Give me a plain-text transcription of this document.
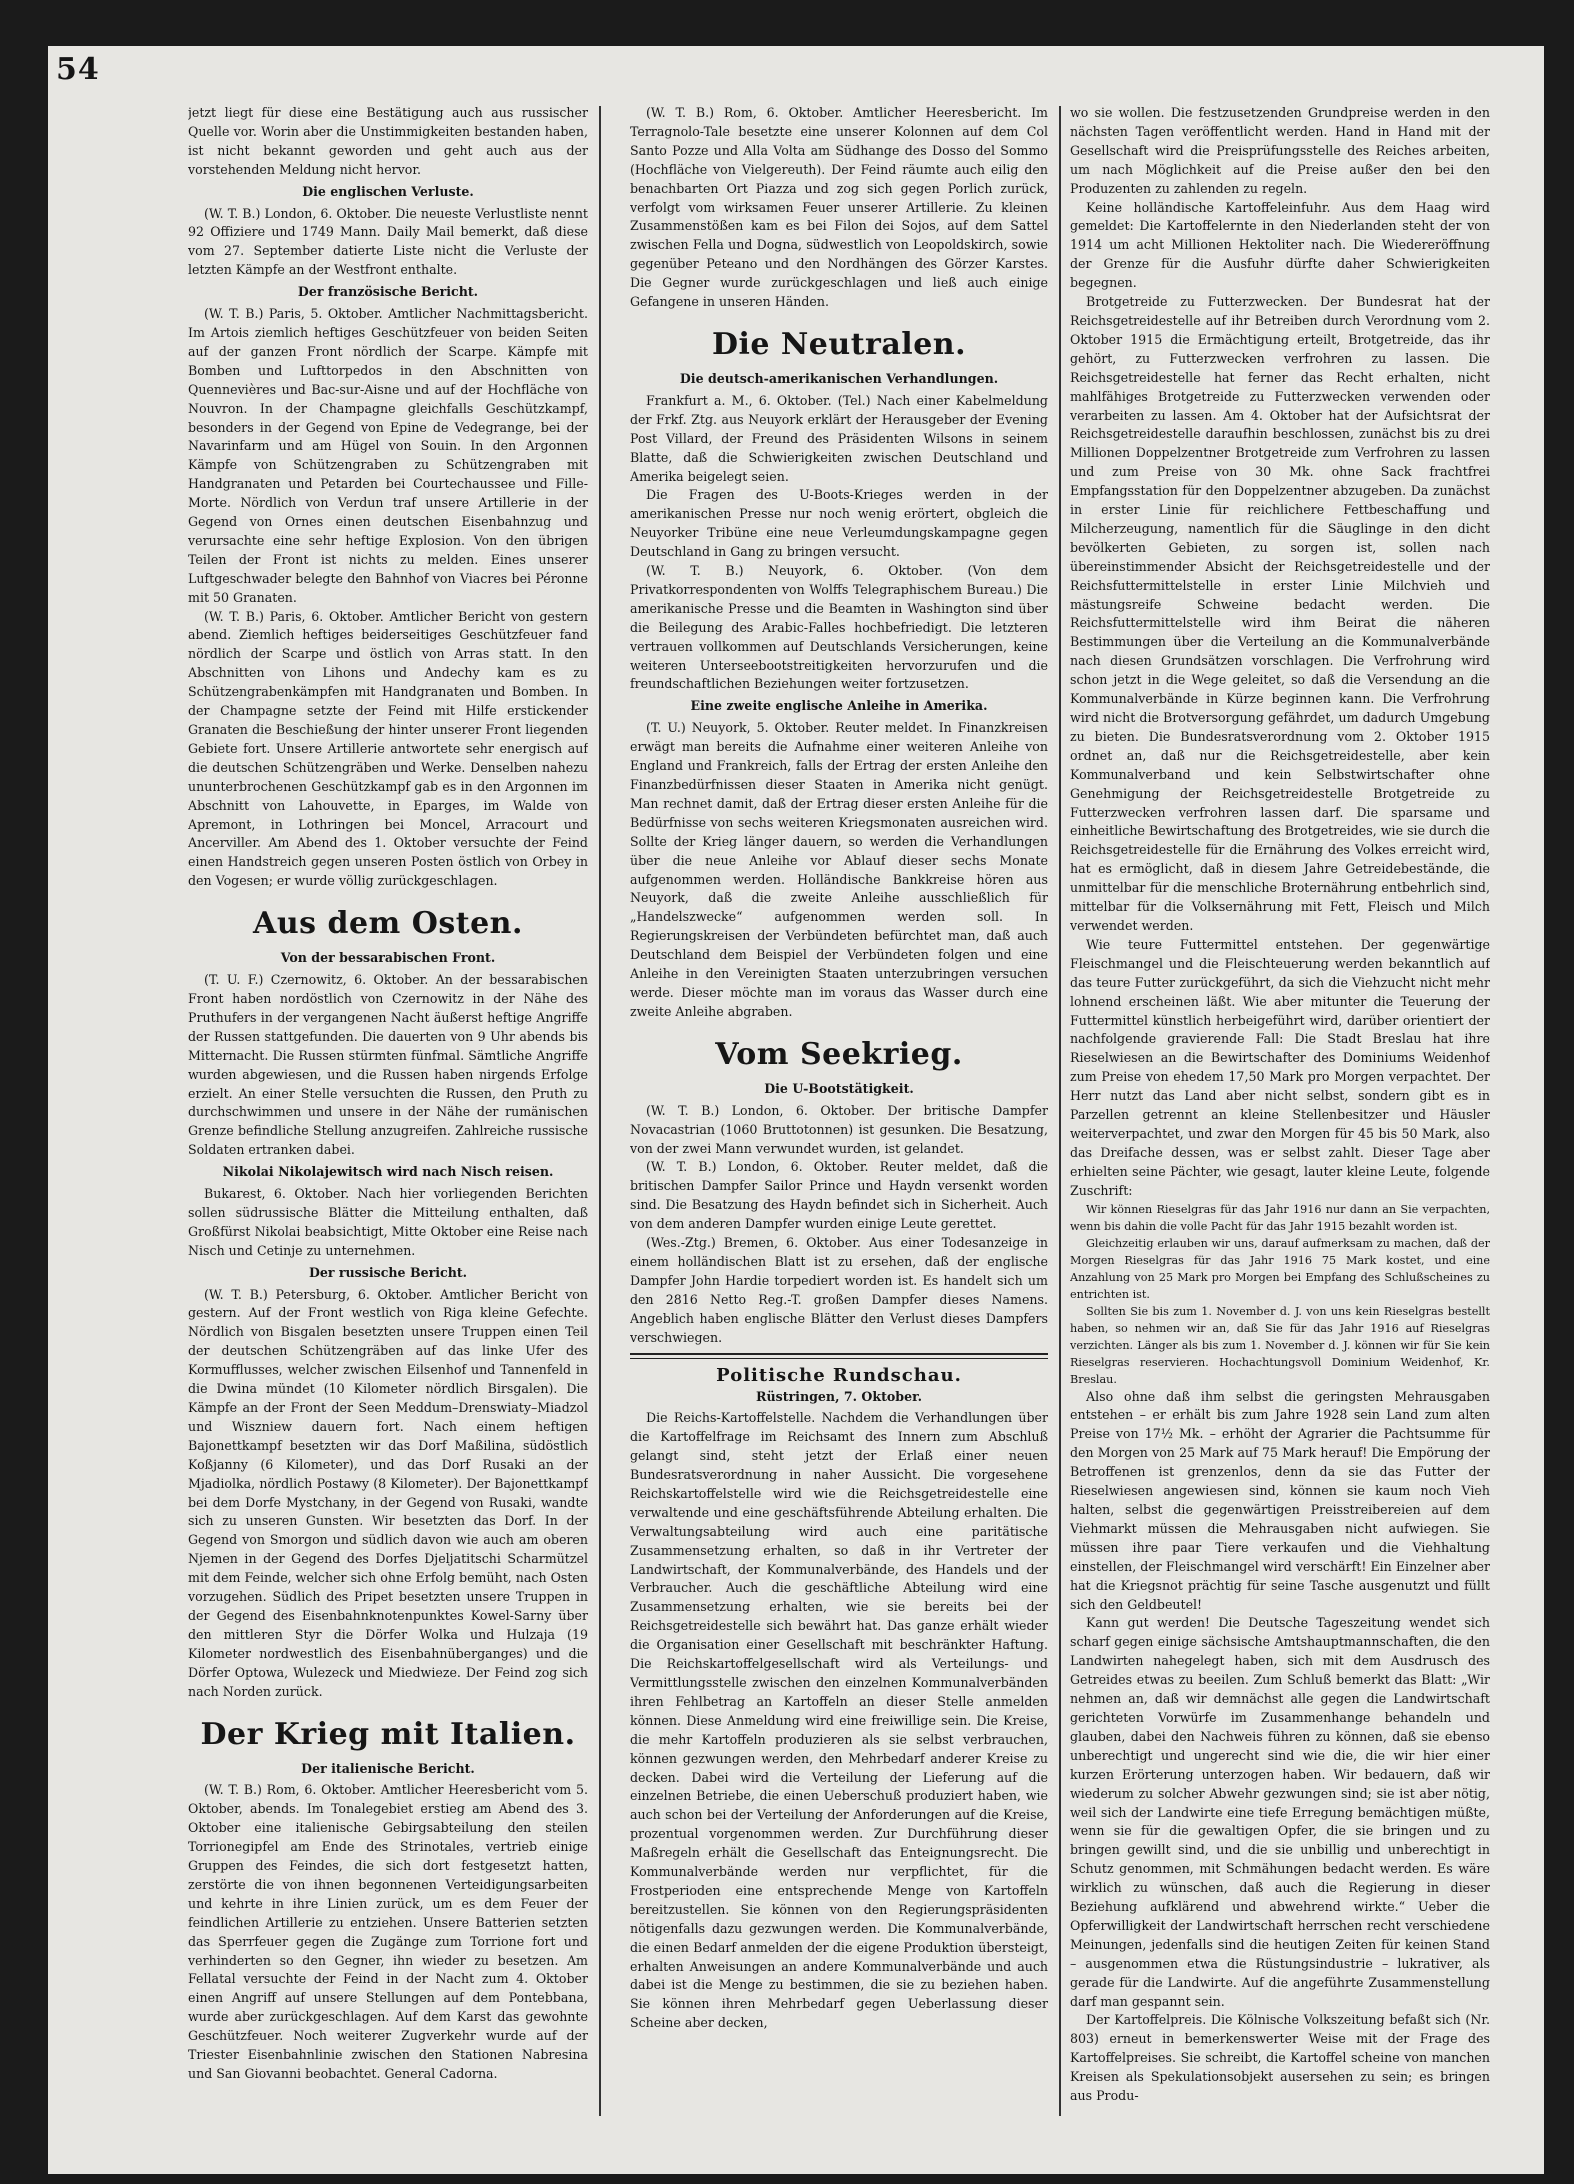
54

jetzt liegt für diese eine Bestätigung auch aus russischer Quelle vor. Worin aber die Unstimmigkeiten bestanden haben, ist nicht bekannt geworden und geht auch aus der vorstehenden Meldung nicht hervor.

Die englischen Verluste.

(W. T. B.) London, 6. Oktober. Die neueste Verlustliste nennt 92 Offiziere und 1749 Mann. Daily Mail bemerkt, daß diese vom 27. September datierte Liste nicht die Verluste der letzten Kämpfe an der Westfront enthalte.

Der französische Bericht.

(W. T. B.) Paris, 5. Oktober. Amtlicher Nachmittagsbericht. Im Artois ziemlich heftiges Geschützfeuer von beiden Seiten auf der ganzen Front nördlich der Scarpe. Kämpfe mit Bomben und Lufttorpedos in den Abschnitten von Quennevières und Bac-sur-Aisne und auf der Hochfläche von Nouvron. In der Champagne gleichfalls Geschützkampf, besonders in der Gegend von Epine de Vedegrange, bei der Navarinfarm und am Hügel von Souin. In den Argonnen Kämpfe von Schützengraben zu Schützengraben mit Handgranaten und Petarden bei Courtechaussee und Fille-Morte. Nördlich von Verdun traf unsere Artillerie in der Gegend von Ornes einen deutschen Eisenbahnzug und verursachte eine sehr heftige Explosion. Von den übrigen Teilen der Front ist nichts zu melden. Eines unserer Luftgeschwader belegte den Bahnhof von Viacres bei Péronne mit 50 Granaten.

(W. T. B.) Paris, 6. Oktober. Amtlicher Bericht von gestern abend. Ziemlich heftiges beiderseitiges Geschützfeuer fand nördlich der Scarpe und östlich von Arras statt. In den Abschnitten von Lihons und Andechy kam es zu Schützengrabenkämpfen mit Handgranaten und Bomben. In der Champagne setzte der Feind mit Hilfe erstickender Granaten die Beschießung der hinter unserer Front liegenden Gebiete fort. Unsere Artillerie antwortete sehr energisch auf die deutschen Schützengräben und Werke. Denselben nahezu ununterbrochenen Geschützkampf gab es in den Argonnen im Abschnitt von Lahouvette, in Eparges, im Walde von Apremont, in Lothringen bei Moncel, Arracourt und Ancerviller. Am Abend des 1. Oktober versuchte der Feind einen Handstreich gegen unseren Posten östlich von Orbey in den Vogesen; er wurde völlig zurückgeschlagen.

Aus dem Osten.
Von der bessarabischen Front.

(T. U. F.) Czernowitz, 6. Oktober. An der bessarabischen Front haben nordöstlich von Czernowitz in der Nähe des Pruthufers in der vergangenen Nacht äußerst heftige Angriffe der Russen stattgefunden. Die dauerten von 9 Uhr abends bis Mitternacht. Die Russen stürmten fünfmal. Sämtliche Angriffe wurden abgewiesen, und die Russen haben nirgends Erfolge erzielt. An einer Stelle versuchten die Russen, den Pruth zu durchschwimmen und unsere in der Nähe der rumänischen Grenze befindliche Stellung anzugreifen. Zahlreiche russische Soldaten ertranken dabei.

Nikolai Nikolajewitsch wird nach Nisch reisen.

Bukarest, 6. Oktober. Nach hier vorliegenden Berichten sollen südrussische Blätter die Mitteilung enthalten, daß Großfürst Nikolai beabsichtigt, Mitte Oktober eine Reise nach Nisch und Cetinje zu unternehmen.

Der russische Bericht.

(W. T. B.) Petersburg, 6. Oktober. Amtlicher Bericht von gestern. Auf der Front westlich von Riga kleine Gefechte. Nördlich von Bisgalen besetzten unsere Truppen einen Teil der deutschen Schützengräben auf das linke Ufer des Kormufflusses, welcher zwischen Eilsenhof und Tannenfeld in die Dwina mündet (10 Kilometer nördlich Birsgalen). Die Kämpfe an der Front der Seen Meddum–Drenswiaty–Miadzol und Wiszniew dauern fort. Nach einem heftigen Bajonettkampf besetzten wir das Dorf Maßilina, südöstlich Koßjanny (6 Kilometer), und das Dorf Rusaki an der Mjadiolka, nördlich Postawy (8 Kilometer). Der Bajonettkampf bei dem Dorfe Mystchany, in der Gegend von Rusaki, wandte sich zu unseren Gunsten. Wir besetzten das Dorf. In der Gegend von Smorgon und südlich davon wie auch am oberen Njemen in der Gegend des Dorfes Djeljatitschi Scharmützel mit dem Feinde, welcher sich ohne Erfolg bemüht, nach Osten vorzugehen. Südlich des Pripet besetzten unsere Truppen in der Gegend des Eisenbahnknotenpunktes Kowel-Sarny über den mittleren Styr die Dörfer Wolka und Hulzaja (19 Kilometer nordwestlich des Eisenbahnüberganges) und die Dörfer Optowa, Wulezeck und Miedwieze. Der Feind zog sich nach Norden zurück.

Der Krieg mit Italien.
Der italienische Bericht.

(W. T. B.) Rom, 6. Oktober. Amtlicher Heeresbericht vom 5. Oktober, abends. Im Tonalegebiet erstieg am Abend des 3. Oktober eine italienische Gebirgsabteilung den steilen Torrionegipfel am Ende des Strinotales, vertrieb einige Gruppen des Feindes, die sich dort festgesetzt hatten, zerstörte die von ihnen begonnenen Verteidigungsarbeiten und kehrte in ihre Linien zurück, um es dem Feuer der feindlichen Artillerie zu entziehen. Unsere Batterien setzten das Sperrfeuer gegen die Zugänge zum Torrione fort und verhinderten so den Gegner, ihn wieder zu besetzen. Am Fellatal versuchte der Feind in der Nacht zum 4. Oktober einen Angriff auf unsere Stellungen auf dem Pontebbana, wurde aber zurückgeschlagen. Auf dem Karst das gewohnte Geschützfeuer. Noch weiterer Zugverkehr wurde auf der Triester Eisenbahnlinie zwischen den Stationen Nabresina und San Giovanni beobachtet. General Cadorna.

(W. T. B.) Rom, 6. Oktober. Amtlicher Heeresbericht. Im Terragnolo-Tale besetzte eine unserer Kolonnen auf dem Col Santo Pozze und Alla Volta am Südhange des Dosso del Sommo (Hochfläche von Vielgereuth). Der Feind räumte auch eilig den benachbarten Ort Piazza und zog sich gegen Porlich zurück, verfolgt vom wirksamen Feuer unserer Artillerie. Zu kleinen Zusammenstößen kam es bei Filon dei Sojos, auf dem Sattel zwischen Fella und Dogna, südwestlich von Leopoldskirch, sowie gegenüber Peteano und den Nordhängen des Görzer Karstes. Die Gegner wurde zurückgeschlagen und ließ auch einige Gefangene in unseren Händen.

Die Neutralen.
Die deutsch-amerikanischen Verhandlungen.

Frankfurt a. M., 6. Oktober. (Tel.) Nach einer Kabelmeldung der Frkf. Ztg. aus Neuyork erklärt der Herausgeber der Evening Post Villard, der Freund des Präsidenten Wilsons in seinem Blatte, daß die Schwierigkeiten zwischen Deutschland und Amerika beigelegt seien.

Die Fragen des U-Boots-Krieges werden in der amerikanischen Presse nur noch wenig erörtert, obgleich die Neuyorker Tribüne eine neue Verleumdungskampagne gegen Deutschland in Gang zu bringen versucht.

(W. T. B.) Neuyork, 6. Oktober. (Von dem Privatkorrespondenten von Wolffs Telegraphischem Bureau.) Die amerikanische Presse und die Beamten in Washington sind über die Beilegung des Arabic-Falles hochbefriedigt. Die letzteren vertrauen vollkommen auf Deutschlands Versicherungen, keine weiteren Unterseebootstreitigkeiten hervorzurufen und die freundschaftlichen Beziehungen weiter fortzusetzen.

Eine zweite englische Anleihe in Amerika.

(T. U.) Neuyork, 5. Oktober. Reuter meldet. In Finanzkreisen erwägt man bereits die Aufnahme einer weiteren Anleihe von England und Frankreich, falls der Ertrag der ersten Anleihe den Finanzbedürfnissen dieser Staaten in Amerika nicht genügt. Man rechnet damit, daß der Ertrag dieser ersten Anleihe für die Bedürfnisse von sechs weiteren Kriegsmonaten ausreichen wird. Sollte der Krieg länger dauern, so werden die Verhandlungen über die neue Anleihe vor Ablauf dieser sechs Monate aufgenommen werden. Holländische Bankkreise hören aus Neuyork, daß die zweite Anleihe ausschließlich für „Handelszwecke“ aufgenommen werden soll. In Regierungskreisen der Verbündeten befürchtet man, daß auch Deutschland dem Beispiel der Verbündeten folgen und eine Anleihe in den Vereinigten Staaten unterzubringen versuchen werde. Dieser möchte man im voraus das Wasser durch eine zweite Anleihe abgraben.

Vom Seekrieg.
Die U-Bootstätigkeit.

(W. T. B.) London, 6. Oktober. Der britische Dampfer Novacastrian (1060 Bruttotonnen) ist gesunken. Die Besatzung, von der zwei Mann verwundet wurden, ist gelandet.

(W. T. B.) London, 6. Oktober. Reuter meldet, daß die britischen Dampfer Sailor Prince und Haydn versenkt worden sind. Die Besatzung des Haydn befindet sich in Sicherheit. Auch von dem anderen Dampfer wurden einige Leute gerettet.

(Wes.-Ztg.) Bremen, 6. Oktober. Aus einer Todesanzeige in einem holländischen Blatt ist zu ersehen, daß der englische Dampfer John Hardie torpediert worden ist. Es handelt sich um den 2816 Netto Reg.-T. großen Dampfer dieses Namens. Angeblich haben englische Blätter den Verlust dieses Dampfers verschwiegen.

Politische Rundschau.
Rüstringen, 7. Oktober.

Die Reichs-Kartoffelstelle. Nachdem die Verhandlungen über die Kartoffelfrage im Reichsamt des Innern zum Abschluß gelangt sind, steht jetzt der Erlaß einer neuen Bundesratsverordnung in naher Aussicht. Die vorgesehene Reichskartoffelstelle wird wie die Reichsgetreidestelle eine verwaltende und eine geschäftsführende Abteilung erhalten. Die Verwaltungsabteilung wird auch eine paritätische Zusammensetzung erhalten, so daß in ihr Vertreter der Landwirtschaft, der Kommunalverbände, des Handels und der Verbraucher. Auch die geschäftliche Abteilung wird eine Zusammensetzung erhalten, wie sie bereits bei der Reichsgetreidestelle sich bewährt hat. Das ganze erhält wieder die Organisation einer Gesellschaft mit beschränkter Haftung. Die Reichskartoffelgesellschaft wird als Verteilungs- und Vermittlungsstelle zwischen den einzelnen Kommunalverbänden ihren Fehlbetrag an Kartoffeln an dieser Stelle anmelden können. Diese Anmeldung wird eine freiwillige sein. Die Kreise, die mehr Kartoffeln produzieren als sie selbst verbrauchen, können gezwungen werden, den Mehrbedarf anderer Kreise zu decken. Dabei wird die Verteilung der Lieferung auf die einzelnen Betriebe, die einen Ueberschuß produziert haben, wie auch schon bei der Verteilung der Anforderungen auf die Kreise, prozentual vorgenommen werden. Zur Durchführung dieser Maßregeln erhält die Gesellschaft das Enteignungsrecht. Die Kommunalverbände werden nur verpflichtet, für die Frostperioden eine entsprechende Menge von Kartoffeln bereitzustellen. Sie können von den Regierungspräsidenten nötigenfalls dazu gezwungen werden. Die Kommunalverbände, die einen Bedarf anmelden der die eigene Produktion übersteigt, erhalten Anweisungen an andere Kommunalverbände und auch dabei ist die Menge zu bestimmen, die sie zu beziehen haben. Sie können ihren Mehrbedarf gegen Ueberlassung dieser Scheine aber decken,

wo sie wollen. Die festzusetzenden Grundpreise werden in den nächsten Tagen veröffentlicht werden. Hand in Hand mit der Gesellschaft wird die Preisprüfungsstelle des Reiches arbeiten, um nach Möglichkeit auf die Preise außer den bei den Produzenten zu zahlenden zu regeln.

Keine holländische Kartoffeleinfuhr. Aus dem Haag wird gemeldet: Die Kartoffelernte in den Niederlanden steht der von 1914 um acht Millionen Hektoliter nach. Die Wiedereröffnung der Grenze für die Ausfuhr dürfte daher Schwierigkeiten begegnen.

Brotgetreide zu Futterzwecken. Der Bundesrat hat der Reichsgetreidestelle auf ihr Betreiben durch Verordnung vom 2. Oktober 1915 die Ermächtigung erteilt, Brotgetreide, das ihr gehört, zu Futterzwecken verfrohren zu lassen. Die Reichsgetreidestelle hat ferner das Recht erhalten, nicht mahlfähiges Brotgetreide zu Futterzwecken verwenden oder verarbeiten zu lassen. Am 4. Oktober hat der Aufsichtsrat der Reichsgetreidestelle daraufhin beschlossen, zunächst bis zu drei Millionen Doppelzentner Brotgetreide zum Verfrohren zu lassen und zum Preise von 30 Mk. ohne Sack frachtfrei Empfangsstation für den Doppelzentner abzugeben. Da zunächst in erster Linie für reichlichere Fettbeschaffung und Milcherzeugung, namentlich für die Säuglinge in den dicht bevölkerten Gebieten, zu sorgen ist, sollen nach übereinstimmender Absicht der Reichsgetreidestelle und der Reichsfuttermittelstelle in erster Linie Milchvieh und mästungsreife Schweine bedacht werden. Die Reichsfuttermittelstelle wird ihm Beirat die näheren Bestimmungen über die Verteilung an die Kommunalverbände nach diesen Grundsätzen vorschlagen. Die Verfrohrung wird schon jetzt in die Wege geleitet, so daß die Versendung an die Kommunalverbände in Kürze beginnen kann. Die Verfrohrung wird nicht die Brotversorgung gefährdet, um dadurch Umgebung zu bieten. Die Bundesratsverordnung vom 2. Oktober 1915 ordnet an, daß nur die Reichsgetreidestelle, aber kein Kommunalverband und kein Selbstwirtschafter ohne Genehmigung der Reichsgetreidestelle Brotgetreide zu Futterzwecken verfrohren lassen darf. Die sparsame und einheitliche Bewirtschaftung des Brotgetreides, wie sie durch die Reichsgetreidestelle für die Ernährung des Volkes erreicht wird, hat es ermöglicht, daß in diesem Jahre Getreidebestände, die unmittelbar für die menschliche Broternährung entbehrlich sind, mittelbar für die Volksernährung mit Fett, Fleisch und Milch verwendet werden.

Wie teure Futtermittel entstehen. Der gegenwärtige Fleischmangel und die Fleischteuerung werden bekanntlich auf das teure Futter zurückgeführt, da sich die Viehzucht nicht mehr lohnend erscheinen läßt. Wie aber mitunter die Teuerung der Futtermittel künstlich herbeigeführt wird, darüber orientiert der nachfolgende gravierende Fall: Die Stadt Breslau hat ihre Rieselwiesen an die Bewirtschafter des Dominiums Weidenhof zum Preise von ehedem 17,50 Mark pro Morgen verpachtet. Der Herr nutzt das Land aber nicht selbst, sondern gibt es in Parzellen getrennt an kleine Stellenbesitzer und Häusler weiterverpachtet, und zwar den Morgen für 45 bis 50 Mark, also das Dreifache dessen, was er selbst zahlt. Dieser Tage aber erhielten seine Pächter, wie gesagt, lauter kleine Leute, folgende Zuschrift:

Wir können Rieselgras für das Jahr 1916 nur dann an Sie verpachten, wenn bis dahin die volle Pacht für das Jahr 1915 bezahlt worden ist.

Gleichzeitig erlauben wir uns, darauf aufmerksam zu machen, daß der Morgen Rieselgras für das Jahr 1916 75 Mark kostet, und eine Anzahlung von 25 Mark pro Morgen bei Empfang des Schlußscheines zu entrichten ist.

Sollten Sie bis zum 1. November d. J. von uns kein Rieselgras bestellt haben, so nehmen wir an, daß Sie für das Jahr 1916 auf Rieselgras verzichten. Länger als bis zum 1. November d. J. können wir für Sie kein Rieselgras reservieren. Hochachtungsvoll Dominium Weidenhof, Kr. Breslau.

Also ohne daß ihm selbst die geringsten Mehrausgaben entstehen – er erhält bis zum Jahre 1928 sein Land zum alten Preise von 17½ Mk. – erhöht der Agrarier die Pachtsumme für den Morgen von 25 Mark auf 75 Mark herauf! Die Empörung der Betroffenen ist grenzenlos, denn da sie das Futter der Rieselwiesen angewiesen sind, können sie kaum noch Vieh halten, selbst die gegenwärtigen Preisstreibereien auf dem Viehmarkt müssen die Mehrausgaben nicht aufwiegen. Sie müssen ihre paar Tiere verkaufen und die Viehhaltung einstellen, der Fleischmangel wird verschärft! Ein Einzelner aber hat die Kriegsnot prächtig für seine Tasche ausgenutzt und füllt sich den Geldbeutel!

Kann gut werden! Die Deutsche Tageszeitung wendet sich scharf gegen einige sächsische Amtshauptmannschaften, die den Landwirten nahegelegt haben, sich mit dem Ausdrusch des Getreides etwas zu beeilen. Zum Schluß bemerkt das Blatt: „Wir nehmen an, daß wir demnächst alle gegen die Landwirtschaft gerichteten Vorwürfe im Zusammenhange behandeln und glauben, dabei den Nachweis führen zu können, daß sie ebenso unberechtigt und ungerecht sind wie die, die wir hier einer kurzen Erörterung unterzogen haben. Wir bedauern, daß wir wiederum zu solcher Abwehr gezwungen sind; sie ist aber nötig, weil sich der Landwirte eine tiefe Erregung bemächtigen müßte, wenn sie für die gewaltigen Opfer, die sie bringen und zu bringen gewillt sind, und die sie unbillig und unberechtigt in Schutz genommen, mit Schmähungen bedacht werden. Es wäre wirklich zu wünschen, daß auch die Regierung in dieser Beziehung aufklärend und abwehrend wirkte.“ Ueber die Opferwilligkeit der Landwirtschaft herrschen recht verschiedene Meinungen, jedenfalls sind die heutigen Zeiten für keinen Stand – ausgenommen etwa die Rüstungsindustrie – lukrativer, als gerade für die Landwirte. Auf die angeführte Zusammenstellung darf man gespannt sein.

Der Kartoffelpreis. Die Kölnische Volkszeitung befaßt sich (Nr. 803) erneut in bemerkenswerter Weise mit der Frage des Kartoffelpreises. Sie schreibt, die Kartoffel scheine von manchen Kreisen als Spekulationsobjekt ausersehen zu sein; es bringen aus Produ-
